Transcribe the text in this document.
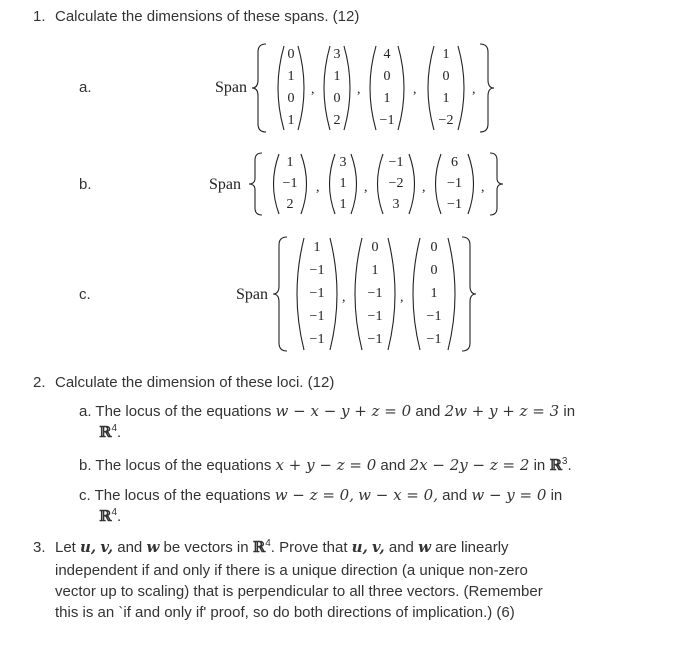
1. Calculate the dimensions of these spans. (12)
a.	Span
0
1
0
1
,
3
1
0
2
,
4
0
1
−1
,
1
0
1
−2
,
b.	Span
1
−1
2
,
3
1
1
,
−1
−2
3
,
6
−1
−1
,
c.	Span
1
−1
−1
−1
−1
,
0
1
−1
−1
−1
,
0
0
1
−1
−1
2. Calculate the dimension of these loci. (12)
a. The locus of the equations w − x − y + z = 0 and 2w + y + z = 3 in
ℝ$^4$.
b. The locus of the equations x + y − z = 0 and 2x − 2y − z = 2 in ℝ$^3$.
c. The locus of the equations w − z = 0, w − x = 0, and w − y = 0 in
ℝ$^4$.
3. Let u, v, and w be vectors in ℝ$^4$. Prove that u, v, and w are linearly
independent if and only if there is a unique direction (a unique non-zero
vector up to scaling) that is perpendicular to all three vectors. (Remember
this is an `if and only if' proof, so do both directions of implication.) (6)
